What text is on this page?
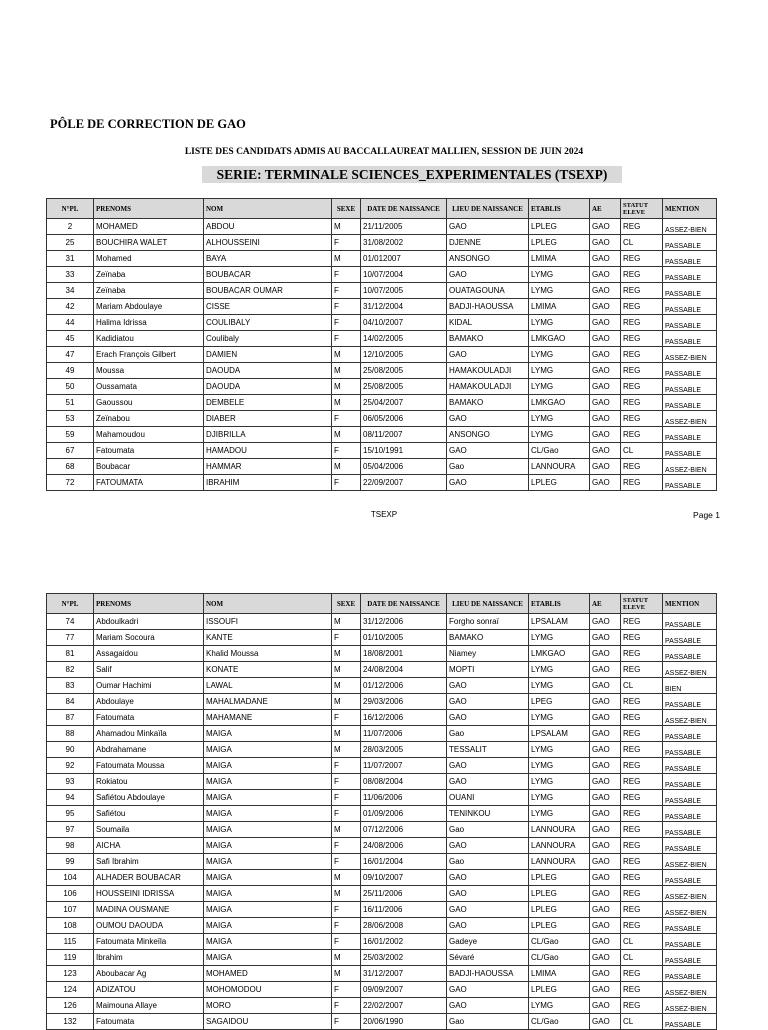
PÔLE DE CORRECTION DE GAO
LISTE DES CANDIDATS ADMIS AU BACCALLAUREAT MALLIEN, SESSION DE JUIN 2024
SERIE: TERMINALE SCIENCES_EXPERIMENTALES (TSEXP)
N°PL	PRENOMS	NOM	SEXE	DATE DE NAISSANCE	LIEU DE NAISSANCE	ETABLIS	AE	STATUT ELEVE	MENTION
2	MOHAMED	ABDOU	M	21/11/2005	GAO	LPLEG	GAO	REG	ASSEZ-BIEN
25	BOUCHIRA WALET	ALHOUSSEINI	F	31/08/2002	DJENNE	LPLEG	GAO	CL	PASSABLE
31	Mohamed	BAYA	M	01/012007	ANSONGO	LMIMA	GAO	REG	PASSABLE
33	Zeïnaba	BOUBACAR	F	10/07/2004	GAO	LYMG	GAO	REG	PASSABLE
34	Zeïnaba	BOUBACAR OUMAR	F	10/07/2005	OUATAGOUNA	LYMG	GAO	REG	PASSABLE
42	Mariam Abdoulaye	CISSE	F	31/12/2004	BADJI-HAOUSSA	LMIMA	GAO	REG	PASSABLE
44	Halima Idrissa	COULIBALY	F	04/10/2007	KIDAL	LYMG	GAO	REG	PASSABLE
45	Kadidiatou	Coulibaly	F	14/02/2005	BAMAKO	LMKGAO	GAO	REG	PASSABLE
47	Erach François Gilbert	DAMIEN	M	12/10/2005	GAO	LYMG	GAO	REG	ASSEZ-BIEN
49	Moussa	DAOUDA	M	25/08/2005	HAMAKOULADJI	LYMG	GAO	REG	PASSABLE
50	Oussamata	DAOUDA	M	25/08/2005	HAMAKOULADJI	LYMG	GAO	REG	PASSABLE
51	Gaoussou	DEMBELE	M	25/04/2007	BAMAKO	LMKGAO	GAO	REG	PASSABLE
53	Zeïnabou	DIABER	F	06/05/2006	GAO	LYMG	GAO	REG	ASSEZ-BIEN
59	Mahamoudou	DJIBRILLA	M	08/11/2007	ANSONGO	LYMG	GAO	REG	PASSABLE
67	Fatoumata	HAMADOU	F	15/10/1991	GAO	CL/Gao	GAO	CL	PASSABLE
68	Boubacar	HAMMAR	M	05/04/2006	Gao	LANNOURA	GAO	REG	ASSEZ-BIEN
72	FATOUMATA	IBRAHIM	F	22/09/2007	GAO	LPLEG	GAO	REG	PASSABLE
TSEXP	Page 1
N°PL	PRENOMS	NOM	SEXE	DATE DE NAISSANCE	LIEU DE NAISSANCE	ETABLIS	AE	STATUT ELEVE	MENTION
74	Abdoulkadri	ISSOUFI	M	31/12/2006	Forgho sonraï	LPSALAM	GAO	REG	PASSABLE
77	Mariam Socoura	KANTE	F	01/10/2005	BAMAKO	LYMG	GAO	REG	PASSABLE
81	Assagaidou	Khalid Moussa	M	18/08/2001	Niamey	LMKGAO	GAO	REG	PASSABLE
82	Salif	KONATE	M	24/08/2004	MOPTI	LYMG	GAO	REG	ASSEZ-BIEN
83	Oumar Hachimi	LAWAL	M	01/12/2006	GAO	LYMG	GAO	CL	BIEN
84	Abdoulaye	MAHALMADANE	M	29/03/2006	GAO	LPEG	GAO	REG	PASSABLE
87	Fatoumata	MAHAMANE	F	16/12/2006	GAO	LYMG	GAO	REG	ASSEZ-BIEN
88	Ahamadou Minkaïla	MAIGA	M	11/07/2006	Gao	LPSALAM	GAO	REG	PASSABLE
90	Abdrahamane	MAIGA	M	28/03/2005	TESSALIT	LYMG	GAO	REG	PASSABLE
92	Fatoumata Moussa	MAIGA	F	11/07/2007	GAO	LYMG	GAO	REG	PASSABLE
93	Rokiatou	MAIGA	F	08/08/2004	GAO	LYMG	GAO	REG	PASSABLE
94	Safiétou Abdoulaye	MAIGA	F	11/06/2006	OUANI	LYMG	GAO	REG	PASSABLE
95	Safiétou	MAIGA	F	01/09/2006	TENINKOU	LYMG	GAO	REG	PASSABLE
97	Soumaila	MAIGA	M	07/12/2006	Gao	LANNOURA	GAO	REG	PASSABLE
98	AICHA	MAIGA	F	24/08/2006	GAO	LANNOURA	GAO	REG	PASSABLE
99	Safi Ibrahim	MAIGA	F	16/01/2004	Gao	LANNOURA	GAO	REG	ASSEZ-BIEN
104	ALHADER BOUBACAR	MAIGA	M	09/10/2007	GAO	LPLEG	GAO	REG	PASSABLE
106	HOUSSEINI IDRISSA	MAIGA	M	25/11/2006	GAO	LPLEG	GAO	REG	ASSEZ-BIEN
107	MADINA OUSMANE	MAIGA	F	16/11/2006	GAO	LPLEG	GAO	REG	ASSEZ-BIEN
108	OUMOU DAOUDA	MAIGA	F	28/06/2008	GAO	LPLEG	GAO	REG	PASSABLE
115	Fatoumata Minkeïla	MAIGA	F	16/01/2002	Gadeye	CL/Gao	GAO	CL	PASSABLE
119	Ibrahim	MAIGA	M	25/03/2002	Sévaré	CL/Gao	GAO	CL	PASSABLE
123	Aboubacar Ag	MOHAMED	M	31/12/2007	BADJI-HAOUSSA	LMIMA	GAO	REG	PASSABLE
124	ADIZATOU	MOHOMODOU	F	09/09/2007	GAO	LPLEG	GAO	REG	ASSEZ-BIEN
126	Maimouna Allaye	MORO	F	22/02/2007	GAO	LYMG	GAO	REG	ASSEZ-BIEN
132	Fatoumata	SAGAIDOU	F	20/06/1990	Gao	CL/Gao	GAO	CL	PASSABLE
